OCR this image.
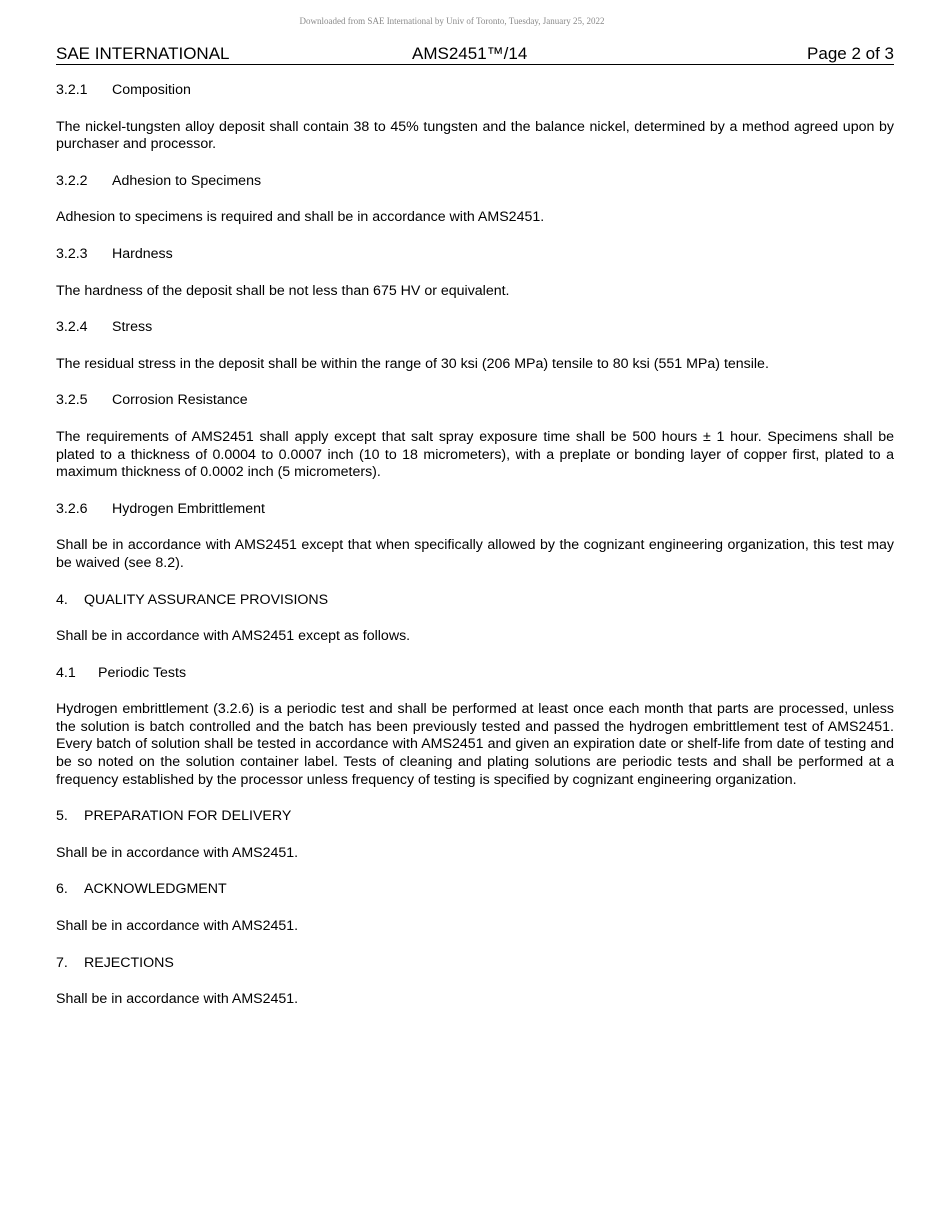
Downloaded from SAE International by Univ of Toronto, Tuesday, January 25, 2022
SAE INTERNATIONAL	AMS2451™/14	Page 2 of 3
3.2.1 Composition

The nickel-tungsten alloy deposit shall contain 38 to 45% tungsten and the balance nickel, determined by a method agreed upon by purchaser and processor.

3.2.2 Adhesion to Specimens

Adhesion to specimens is required and shall be in accordance with AMS2451.

3.2.3 Hardness

The hardness of the deposit shall be not less than 675 HV or equivalent.

3.2.4 Stress

The residual stress in the deposit shall be within the range of 30 ksi (206 MPa) tensile to 80 ksi (551 MPa) tensile.

3.2.5 Corrosion Resistance

The requirements of AMS2451 shall apply except that salt spray exposure time shall be 500 hours ± 1 hour. Specimens shall be plated to a thickness of 0.0004 to 0.0007 inch (10 to 18 micrometers), with a preplate or bonding layer of copper first, plated to a maximum thickness of 0.0002 inch (5 micrometers).

3.2.6 Hydrogen Embrittlement

Shall be in accordance with AMS2451 except that when specifically allowed by the cognizant engineering organization, this test may be waived (see 8.2).

4. QUALITY ASSURANCE PROVISIONS

Shall be in accordance with AMS2451 except as follows.

4.1 Periodic Tests

Hydrogen embrittlement (3.2.6) is a periodic test and shall be performed at least once each month that parts are processed, unless the solution is batch controlled and the batch has been previously tested and passed the hydrogen embrittlement test of AMS2451. Every batch of solution shall be tested in accordance with AMS2451 and given an expiration date or shelf-life from date of testing and be so noted on the solution container label. Tests of cleaning and plating solutions are periodic tests and shall be performed at a frequency established by the processor unless frequency of testing is specified by cognizant engineering organization.

5. PREPARATION FOR DELIVERY

Shall be in accordance with AMS2451.

6. ACKNOWLEDGMENT

Shall be in accordance with AMS2451.

7. REJECTIONS

Shall be in accordance with AMS2451.
